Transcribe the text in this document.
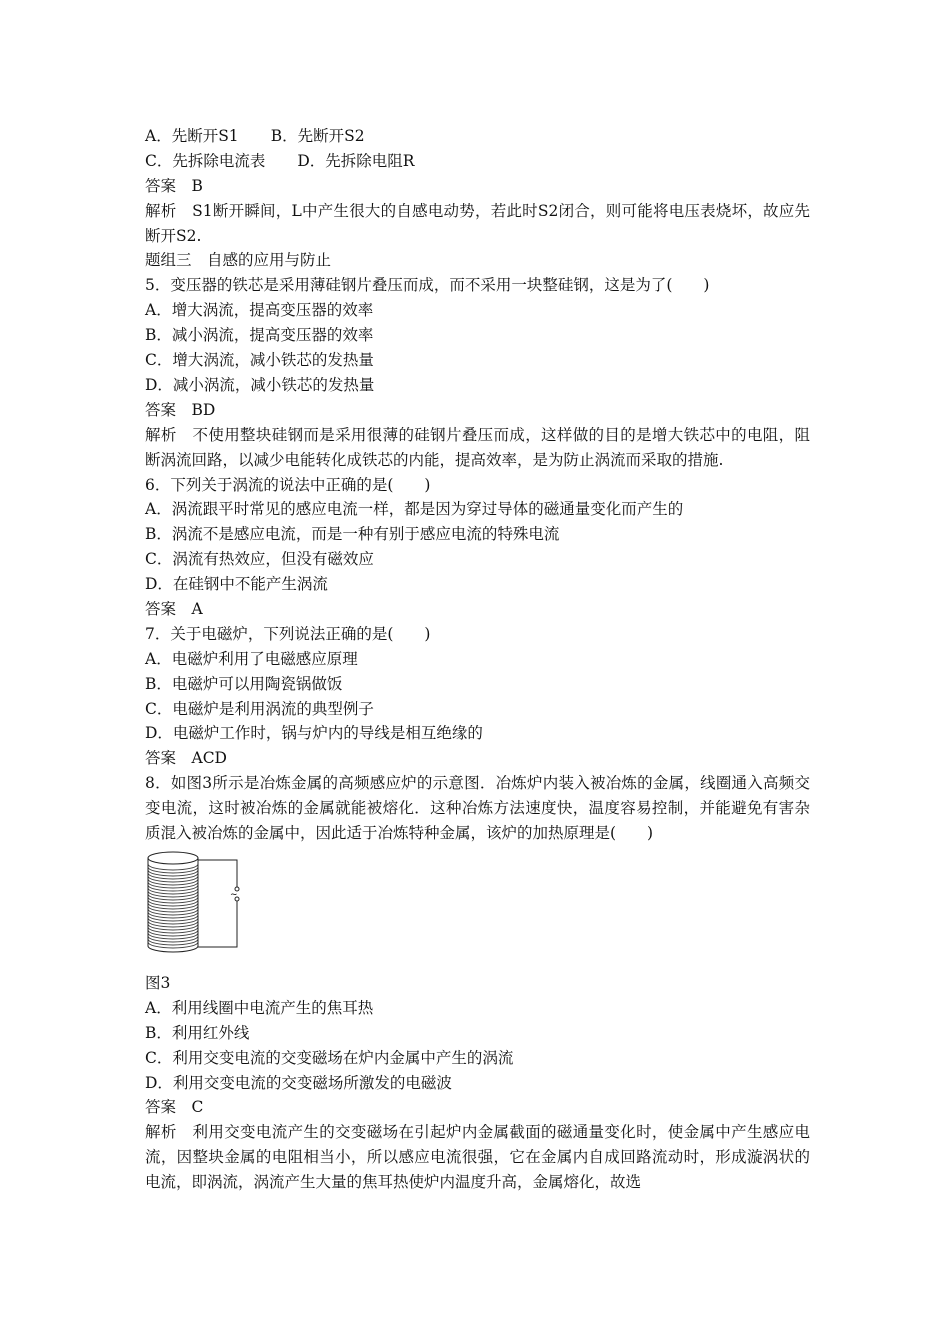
A．先断开S1 B．先断开S2
C．先拆除电流表 D．先拆除电阻R
答案　B
解析　S1断开瞬间，L中产生很大的自感电动势，若此时S2闭合，则可能将电压表烧坏，故应先断开S2.
题组三　自感的应用与防止
5．变压器的铁芯是采用薄硅钢片叠压而成，而不采用一块整硅钢，这是为了(　　)
A．增大涡流，提高变压器的效率
B．减小涡流，提高变压器的效率
C．增大涡流，减小铁芯的发热量
D．减小涡流，减小铁芯的发热量
答案　BD
解析　不使用整块硅钢而是采用很薄的硅钢片叠压而成，这样做的目的是增大铁芯中的电阻，阻断涡流回路，以减少电能转化成铁芯的内能，提高效率，是为防止涡流而采取的措施.
6．下列关于涡流的说法中正确的是(　　)
A．涡流跟平时常见的感应电流一样，都是因为穿过导体的磁通量变化而产生的
B．涡流不是感应电流，而是一种有别于感应电流的特殊电流
C．涡流有热效应，但没有磁效应
D．在硅钢中不能产生涡流
答案　A
7．关于电磁炉，下列说法正确的是(　　)
A．电磁炉利用了电磁感应原理
B．电磁炉可以用陶瓷锅做饭
C．电磁炉是利用涡流的典型例子
D．电磁炉工作时，锅与炉内的导线是相互绝缘的
答案　ACD
8．如图3所示是冶炼金属的高频感应炉的示意图．冶炼炉内装入被冶炼的金属，线圈通入高频交变电流，这时被冶炼的金属就能被熔化．这种冶炼方法速度快，温度容易控制，并能避免有害杂质混入被冶炼的金属中，因此适于冶炼特种金属，该炉的加热原理是(　　)
~
图3
A．利用线圈中电流产生的焦耳热
B．利用红外线
C．利用交变电流的交变磁场在炉内金属中产生的涡流
D．利用交变电流的交变磁场所激发的电磁波
答案　C
解析　利用交变电流产生的交变磁场在引起炉内金属截面的磁通量变化时，使金属中产生感应电流，因整块金属的电阻相当小，所以感应电流很强，它在金属内自成回路流动时，形成漩涡状的电流，即涡流，涡流产生大量的焦耳热使炉内温度升高，金属熔化，故选
